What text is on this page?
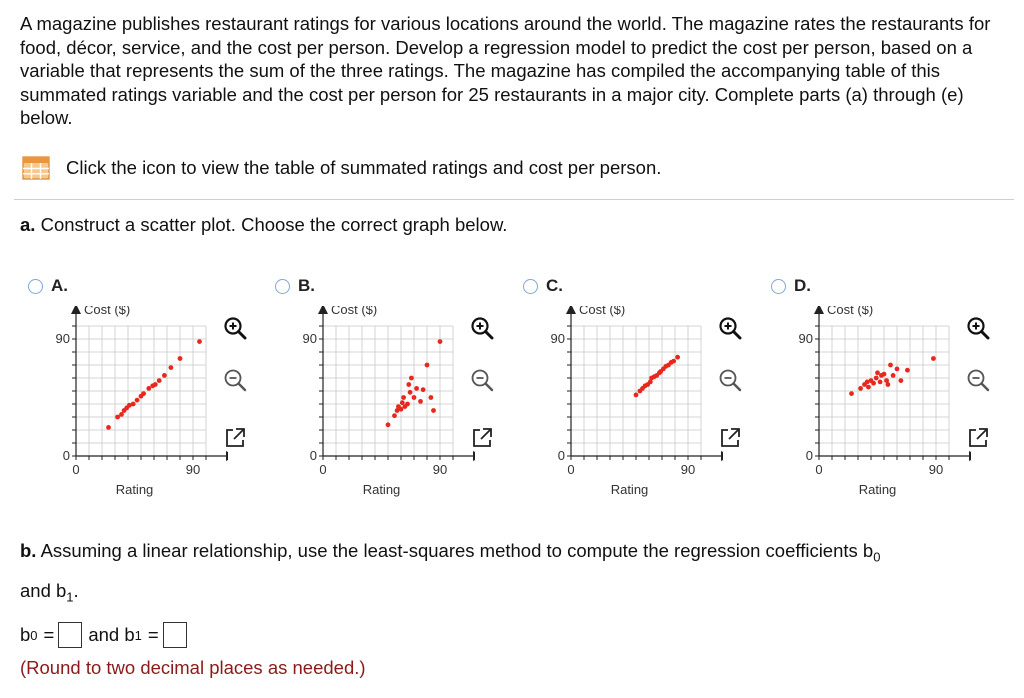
A magazine publishes restaurant ratings for various locations around the world. The magazine rates the restaurants for food, décor, service, and the cost per person. Develop a regression model to predict the cost per person, based on a variable that represents the sum of the three ratings. The magazine has compiled the accompanying table of this summated ratings variable and the cost per person for 25 restaurants in a major city. Complete parts (a) through (e) below.

Click the icon to view the table of summated ratings and cost per person.
a. Construct a scatter plot. Choose the correct graph below.
A.
0	90
0
90
Cost ($)
Rating
B.
0	90
0
90
Cost ($)
Rating
C.
0	90
0
90
Cost ($)
Rating
D.
0	90
0
90
Cost ($)
Rating
b. Assuming a linear relationship, use the least-squares method to compute the regression coefficients $b_0$
and $b_1$.
b 0 = and b 1 =
(Round to two decimal places as needed.)
